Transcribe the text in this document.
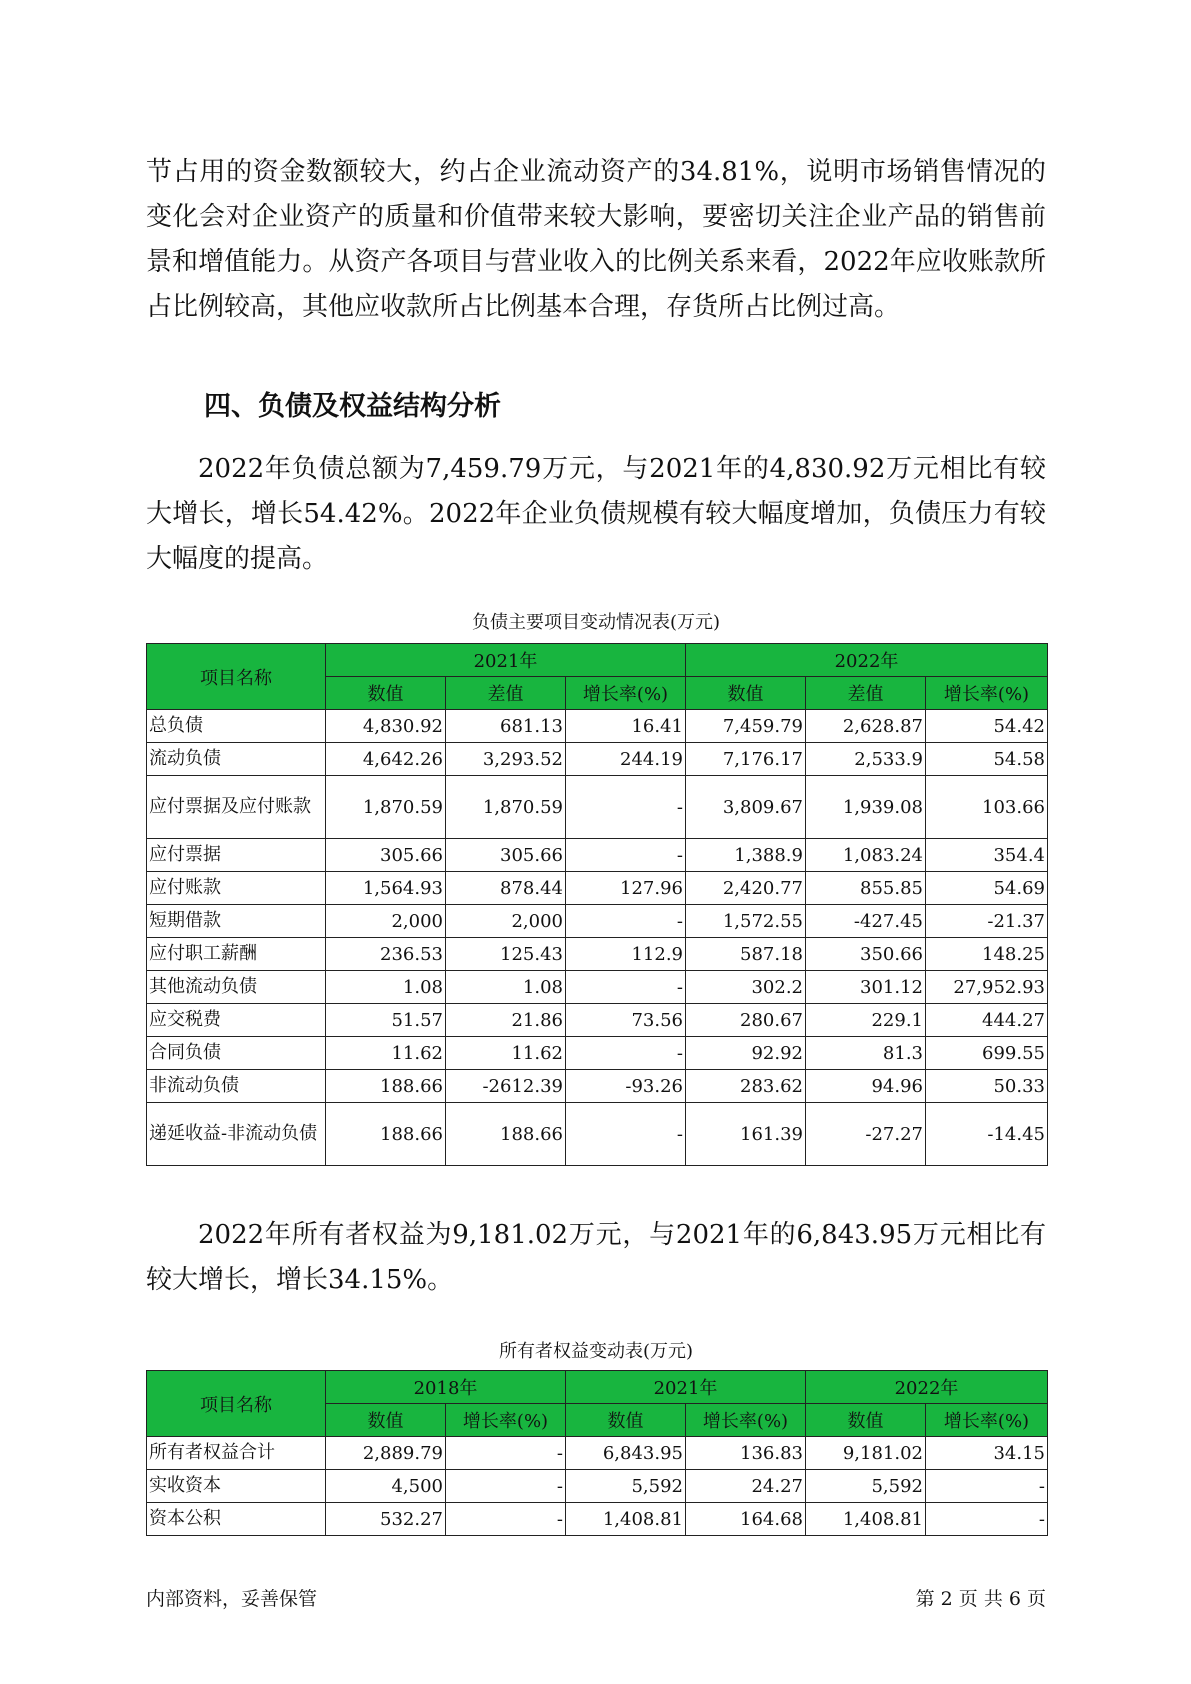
节占用的资金数额较大，约占企业流动资产的34.81%，说明市场销售情况的变化会对企业资产的质量和价值带来较大影响，要密切关注企业产品的销售前景和增值能力。从资产各项目与营业收入的比例关系来看，2022年应收账款所占比例较高，其他应收款所占比例基本合理，存货所占比例过高。

四、负债及权益结构分析

2022年负债总额为7,459.79万元，与2021年的4,830.92万元相比有较大增长，增长54.42%。2022年企业负债规模有较大幅度增加，负债压力有较大幅度的提高。

负债主要项目变动情况表(万元)
项目名称	2021年			2022年		
	数值	差值	增长率(%)	数值	差值	增长率(%)
总负债	4,830.92	681.13	16.41	7,459.79	2,628.87	54.42
流动负债	4,642.26	3,293.52	244.19	7,176.17	2,533.9	54.58
应付票据及应付账款	1,870.59	1,870.59	-	3,809.67	1,939.08	103.66
应付票据	305.66	305.66	-	1,388.9	1,083.24	354.4
应付账款	1,564.93	878.44	127.96	2,420.77	855.85	54.69
短期借款	2,000	2,000	-	1,572.55	-427.45	-21.37
应付职工薪酬	236.53	125.43	112.9	587.18	350.66	148.25
其他流动负债	1.08	1.08	-	302.2	301.12	27,952.93
应交税费	51.57	21.86	73.56	280.67	229.1	444.27
合同负债	11.62	11.62	-	92.92	81.3	699.55
非流动负债	188.66	-2612.39	-93.26	283.62	94.96	50.33
递延收益-非流动负债	188.66	188.66	-	161.39	-27.27	-14.45

2022年所有者权益为9,181.02万元，与2021年的6,843.95万元相比有较大增长，增长34.15%。

所有者权益变动表(万元)
项目名称	2018年		2021年		2022年	
	数值	增长率(%)	数值	增长率(%)	数值	增长率(%)
所有者权益合计	2,889.79	-	6,843.95	136.83	9,181.02	34.15
实收资本	4,500	-	5,592	24.27	5,592	-
资本公积	532.27	-	1,408.81	164.68	1,408.81	-
内部资料，妥善保管	第 2 页 共 6 页
